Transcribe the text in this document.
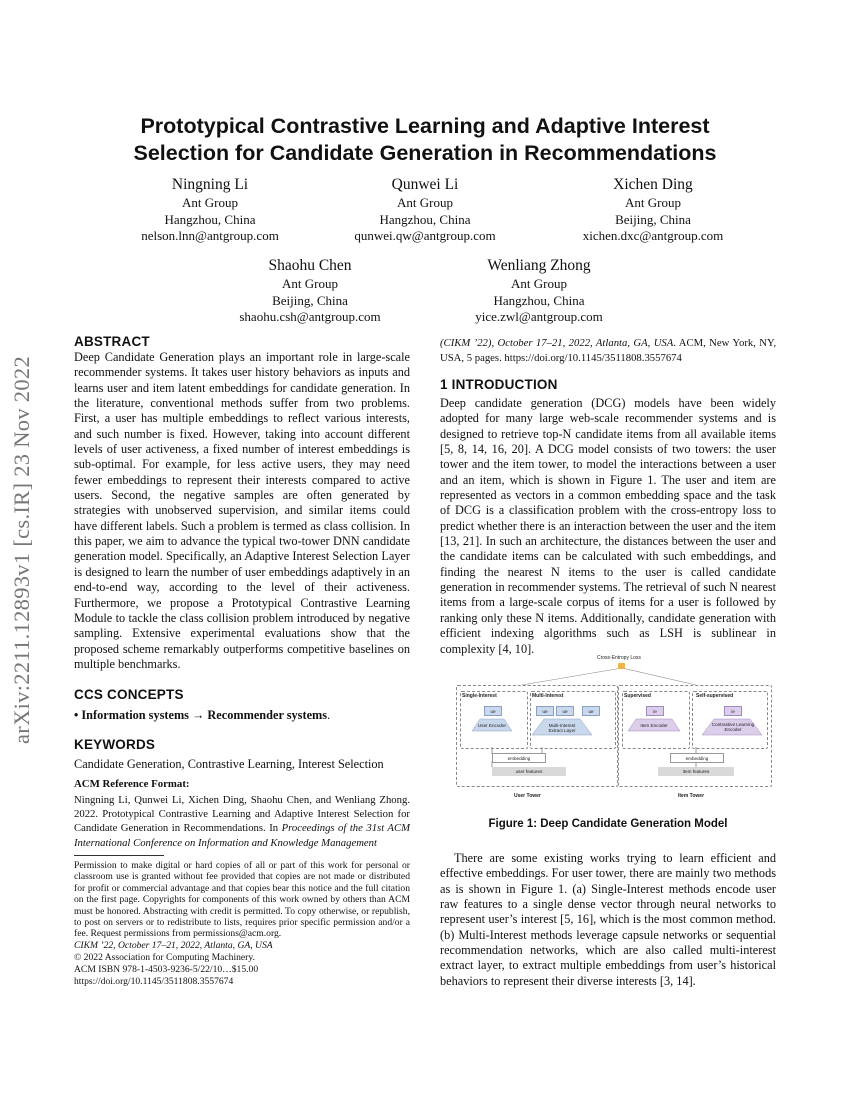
arXiv:2211.12893v1 [cs.IR] 23 Nov 2022
Prototypical Contrastive Learning and Adaptive Interest
Selection for Candidate Generation in Recommendations
Ningning Li
Ant Group
Hangzhou, China
nelson.lnn@antgroup.com
Qunwei Li
Ant Group
Hangzhou, China
qunwei.qw@antgroup.com
Xichen Ding
Ant Group
Beijing, China
xichen.dxc@antgroup.com
Shaohu Chen
Ant Group
Beijing, China
shaohu.csh@antgroup.com
Wenliang Zhong
Ant Group
Hangzhou, China
yice.zwl@antgroup.com
ABSTRACT

Deep Candidate Generation plays an important role in large-scale recommender systems. It takes user history behaviors as inputs and learns user and item latent embeddings for candidate generation. In the literature, conventional methods suffer from two problems. First, a user has multiple embeddings to reflect various interests, and such number is fixed. However, taking into account different levels of user activeness, a fixed number of interest embeddings is sub-optimal. For example, for less active users, they may need fewer embeddings to represent their interests compared to active users. Second, the negative samples are often generated by strategies with unobserved supervision, and similar items could have different labels. Such a problem is termed as class collision. In this paper, we aim to advance the typical two-tower DNN candidate generation model. Specifically, an Adaptive Interest Selection Layer is designed to learn the number of user embeddings adaptively in an end-to-end way, according to the level of their activeness. Furthermore, we propose a Prototypical Contrastive Learning Module to tackle the class collision problem introduced by negative sampling. Extensive experimental evaluations show that the proposed scheme remarkably outperforms competitive baselines on multiple benchmarks.

CCS CONCEPTS

• Information systems → Recommender systems.

KEYWORDS

Candidate Generation, Contrastive Learning, Interest Selection

ACM Reference Format:

Ningning Li, Qunwei Li, Xichen Ding, Shaohu Chen, and Wenliang Zhong. 2022. Prototypical Contrastive Learning and Adaptive Interest Selection for Candidate Generation in Recommendations. In Proceedings of the 31st ACM International Conference on Information and Knowledge Management

Permission to make digital or hard copies of all or part of this work for personal or classroom use is granted without fee provided that copies are not made or distributed for profit or commercial advantage and that copies bear this notice and the full citation on the first page. Copyrights for components of this work owned by others than ACM must be honored. Abstracting with credit is permitted. To copy otherwise, or republish, to post on servers or to redistribute to lists, requires prior specific permission and/or a fee. Request permissions from permissions@acm.org.

CIKM ’22, October 17–21, 2022, Atlanta, GA, USA
© 2022 Association for Computing Machinery.
ACM ISBN 978-1-4503-9236-5/22/10…$15.00
https://doi.org/10.1145/3511808.3557674

(CIKM ’22), October 17–21, 2022, Atlanta, GA, USA. ACM, New York, NY, USA, 5 pages. https://doi.org/10.1145/3511808.3557674

1 INTRODUCTION

Deep candidate generation (DCG) models have been widely adopted for many large web-scale recommender systems and is designed to retrieve top-N candidate items from all available items [5, 8, 14, 16, 20]. A DCG model consists of two towers: the user tower and the item tower, to model the interactions between a user and an item, which is shown in Figure 1. The user and item are represented as vectors in a common embedding space and the task of DCG is a classification problem with the cross-entropy loss to predict whether there is an interaction between the user and the item [13, 21]. In such an architecture, the distances between the user and the candidate items can be calculated with such embeddings, and finding the nearest N items to the user is called candidate generation in recommender systems. The retrieval of such N nearest items from a large-scale corpus of items for a user is followed by ranking only these N items. Additionally, candidate generation with efficient indexing algorithms such as LSH is sublinear in complexity [4, 10].

Cross-Entropy Loss
Single-Interest	Multi-Interest	Supervised	Self-supervised
ue	ue	ue	ue	ie	ie
User Encoder	Multi-Interest Extract Layer
Item Encoder	Contrastive Learning Encoder
embedding
user features
embedding
item features
User Tower	Item Tower
Figure 1: Deep Candidate Generation Model

There are some existing works trying to learn efficient and effective embeddings. For user tower, there are mainly two methods as is shown in Figure 1. (a) Single-Interest methods encode user raw features to a single dense vector through neural networks to represent user’s interest [5, 16], which is the most common method. (b) Multi-Interest methods leverage capsule networks or sequential recommendation networks, which are also called multi-interest extract layer, to extract multiple embeddings from user’s historical behaviors to represent their diverse interests [3, 14].
